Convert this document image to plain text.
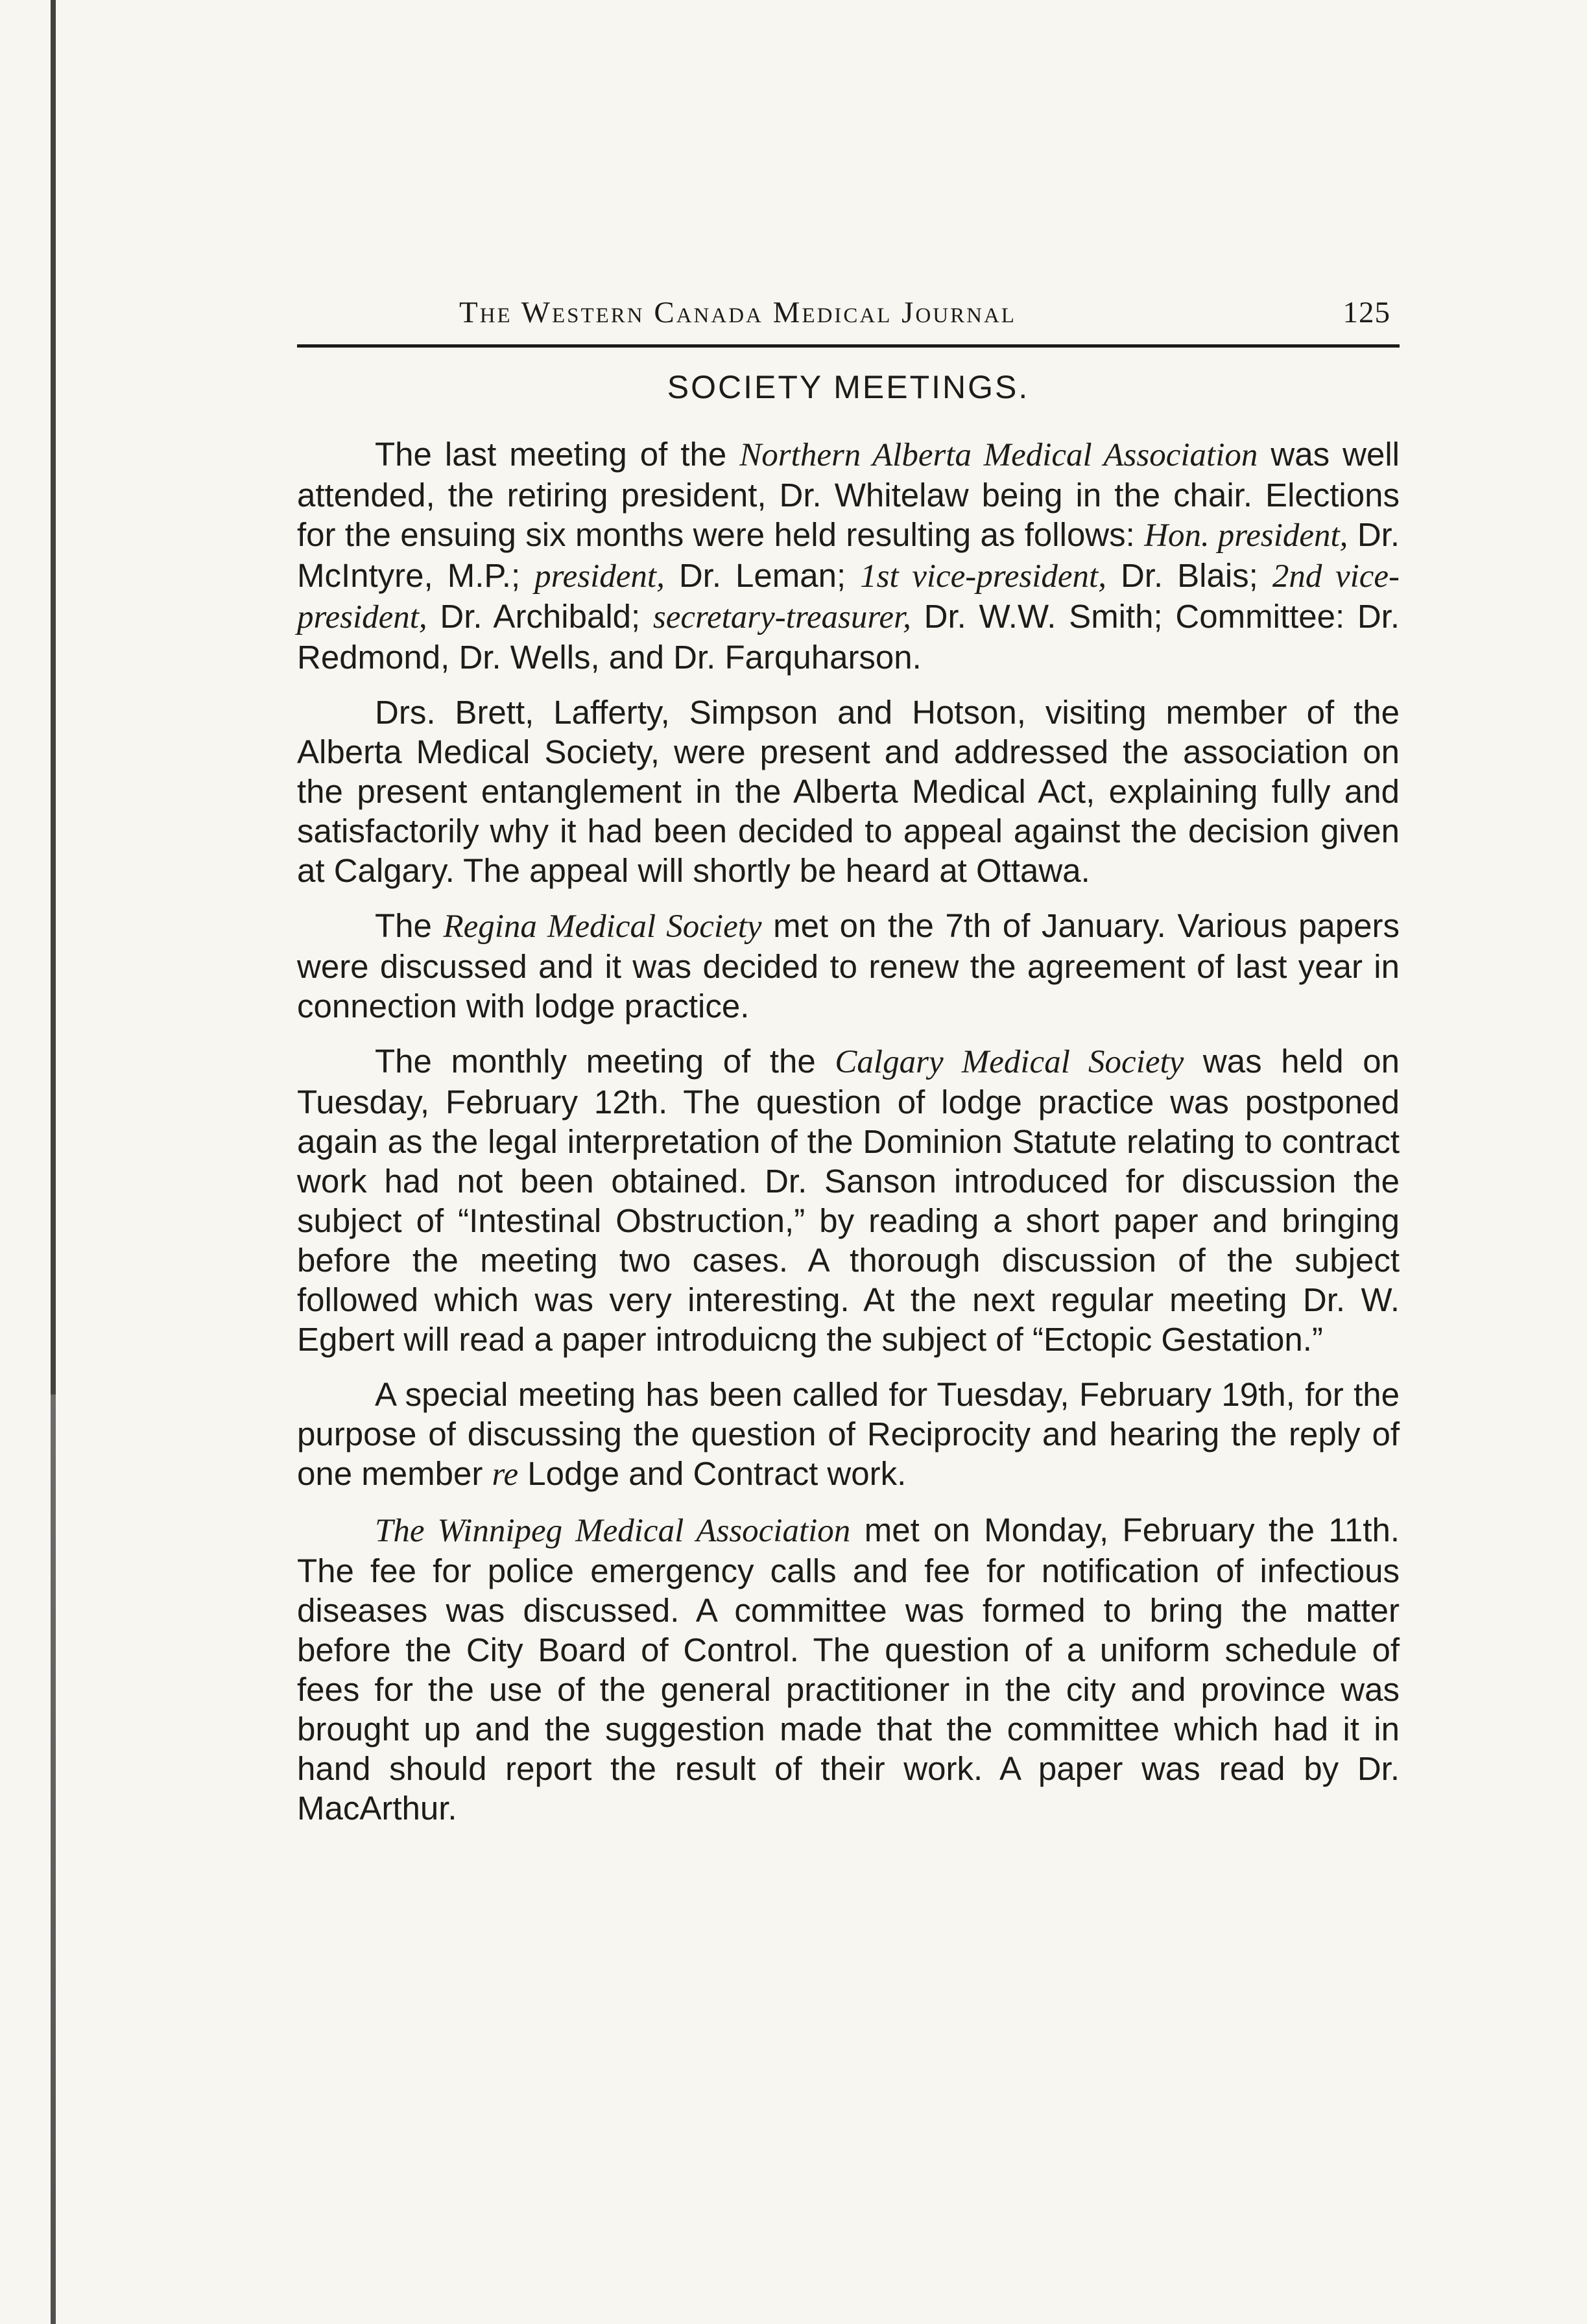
The Western Canada Medical Journal	125
SOCIETY MEETINGS.

The last meeting of the Northern Alberta Medical Association was well attended, the retiring president, Dr. Whitelaw being in the chair. Elections for the ensuing six months were held resulting as follows: Hon. president, Dr. McIntyre, M.P.; president, Dr. Leman; 1st vice-president, Dr. Blais; 2nd vice-president, Dr. Archibald; secretary-treasurer, Dr. W.W. Smith; Committee: Dr. Redmond, Dr. Wells, and Dr. Farquharson.

Drs. Brett, Lafferty, Simpson and Hotson, visiting member of the Alberta Medical Society, were present and addressed the association on the present entanglement in the Alberta Medical Act, explaining fully and satisfactorily why it had been decided to appeal against the decision given at Calgary. The appeal will shortly be heard at Ottawa.

The Regina Medical Society met on the 7th of January. Various papers were discussed and it was decided to renew the agreement of last year in connection with lodge practice.

The monthly meeting of the Calgary Medical Society was held on Tuesday, February 12th. The question of lodge practice was postponed again as the legal interpretation of the Dominion Statute relating to contract work had not been obtained. Dr. Sanson introduced for discussion the subject of “Intestinal Obstruction,” by reading a short paper and bringing before the meeting two cases. A thorough discussion of the subject followed which was very interesting. At the next regular meeting Dr. W. Egbert will read a paper introduicng the subject of “Ectopic Gestation.”

A special meeting has been called for Tuesday, February 19th, for the purpose of discussing the question of Reciprocity and hearing the reply of one member re Lodge and Contract work.

The Winnipeg Medical Association met on Monday, February the 11th. The fee for police emergency calls and fee for notification of infectious diseases was discussed. A committee was formed to bring the matter before the City Board of Control. The question of a uniform schedule of fees for the use of the general practitioner in the city and province was brought up and the suggestion made that the committee which had it in hand should report the result of their work. A paper was read by Dr. MacArthur.
